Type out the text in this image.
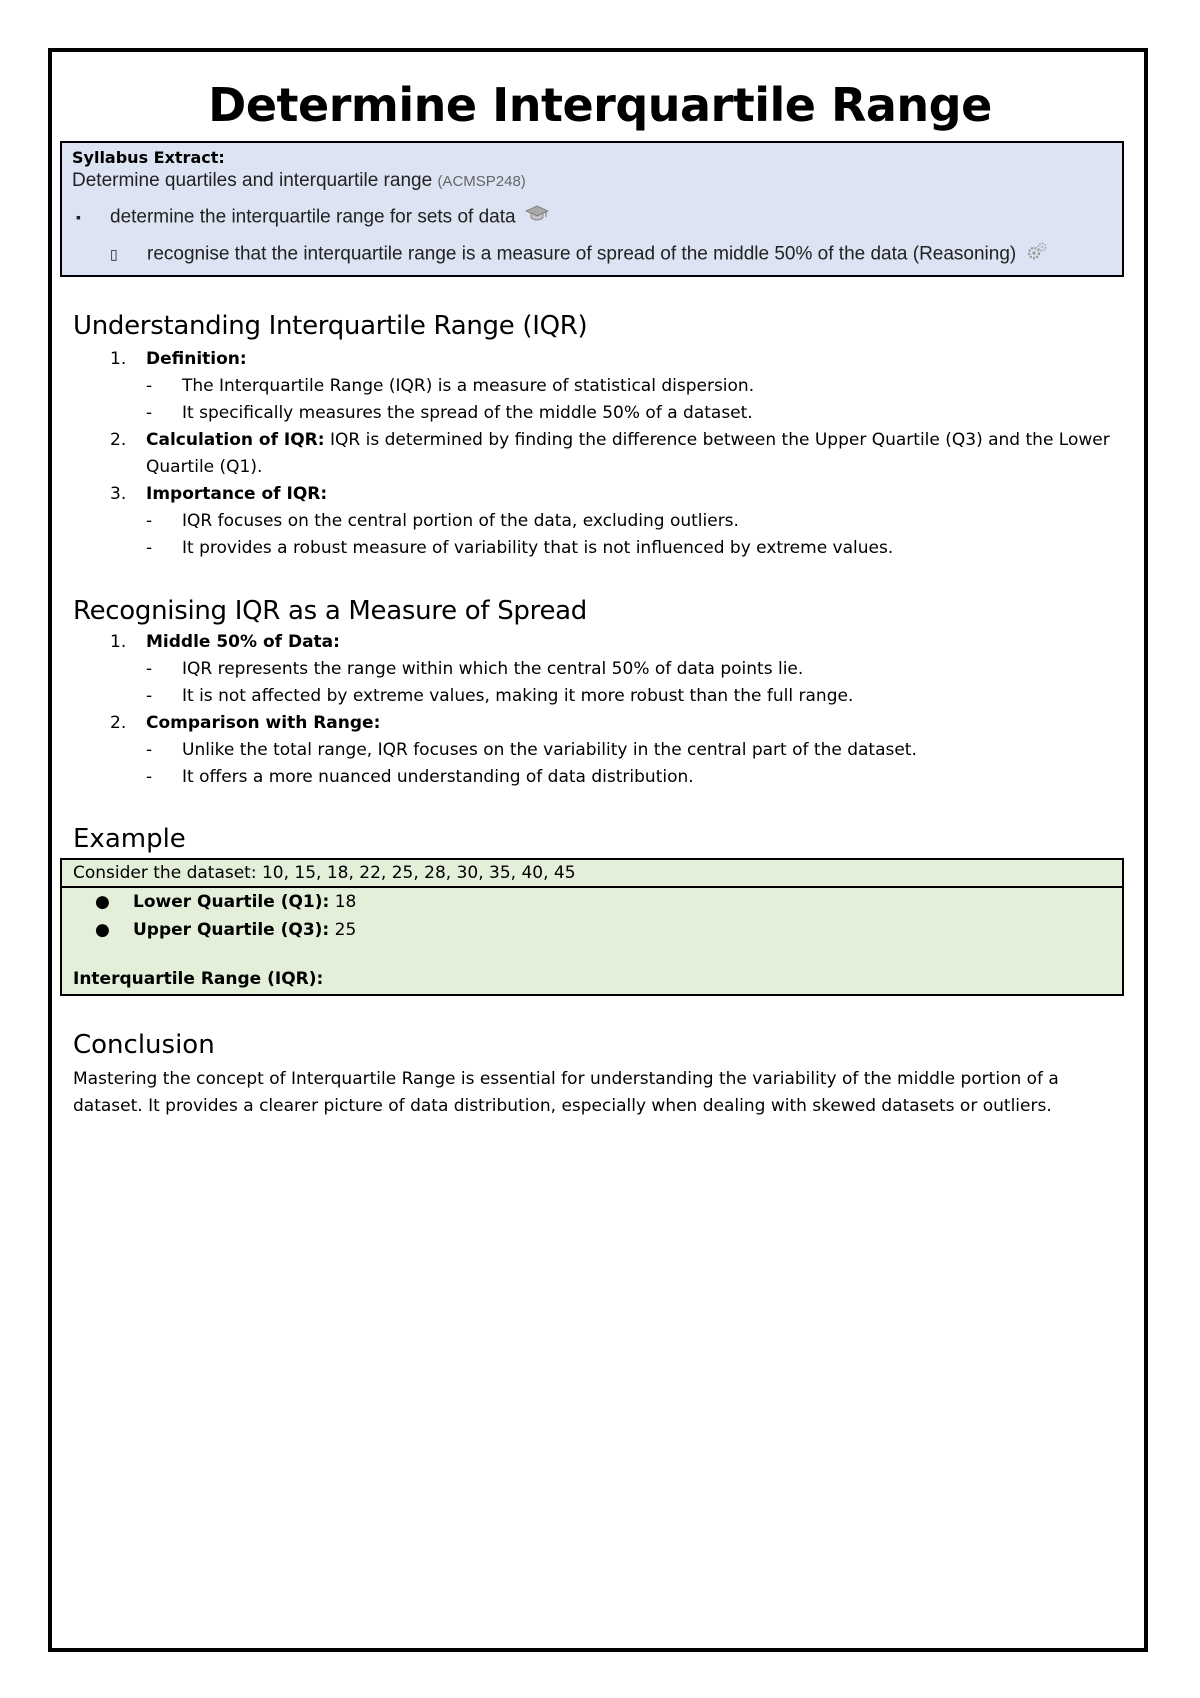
Determine Interquartile Range
Syllabus Extract:
Determine quartiles and interquartile range (ACMSP248)
▪ determine the interquartile range for sets of data
▯ recognise that the interquartile range is a measure of spread of the middle 50% of the data (Reasoning)
Understanding Interquartile Range (IQR)
1. Definition:
- The Interquartile Range (IQR) is a measure of statistical dispersion.
- It specifically measures the spread of the middle 50% of a dataset.
2. Calculation of IQR: IQR is determined by finding the difference between the Upper Quartile (Q3) and the Lower Quartile (Q1).
3. Importance of IQR:
- IQR focuses on the central portion of the data, excluding outliers.
- It provides a robust measure of variability that is not influenced by extreme values.
Recognising IQR as a Measure of Spread
1. Middle 50% of Data:
- IQR represents the range within which the central 50% of data points lie.
- It is not affected by extreme values, making it more robust than the full range.
2. Comparison with Range:
- Unlike the total range, IQR focuses on the variability in the central part of the dataset.
- It offers a more nuanced understanding of data distribution.
Example
Consider the dataset: 10, 15, 18, 22, 25, 28, 30, 35, 40, 45
● Lower Quartile (Q1): 18
● Upper Quartile (Q3): 25
Interquartile Range (IQR):
Conclusion

Mastering the concept of Interquartile Range is essential for understanding the variability of the middle portion of a dataset. It provides a clearer picture of data distribution, especially when dealing with skewed datasets or outliers.
